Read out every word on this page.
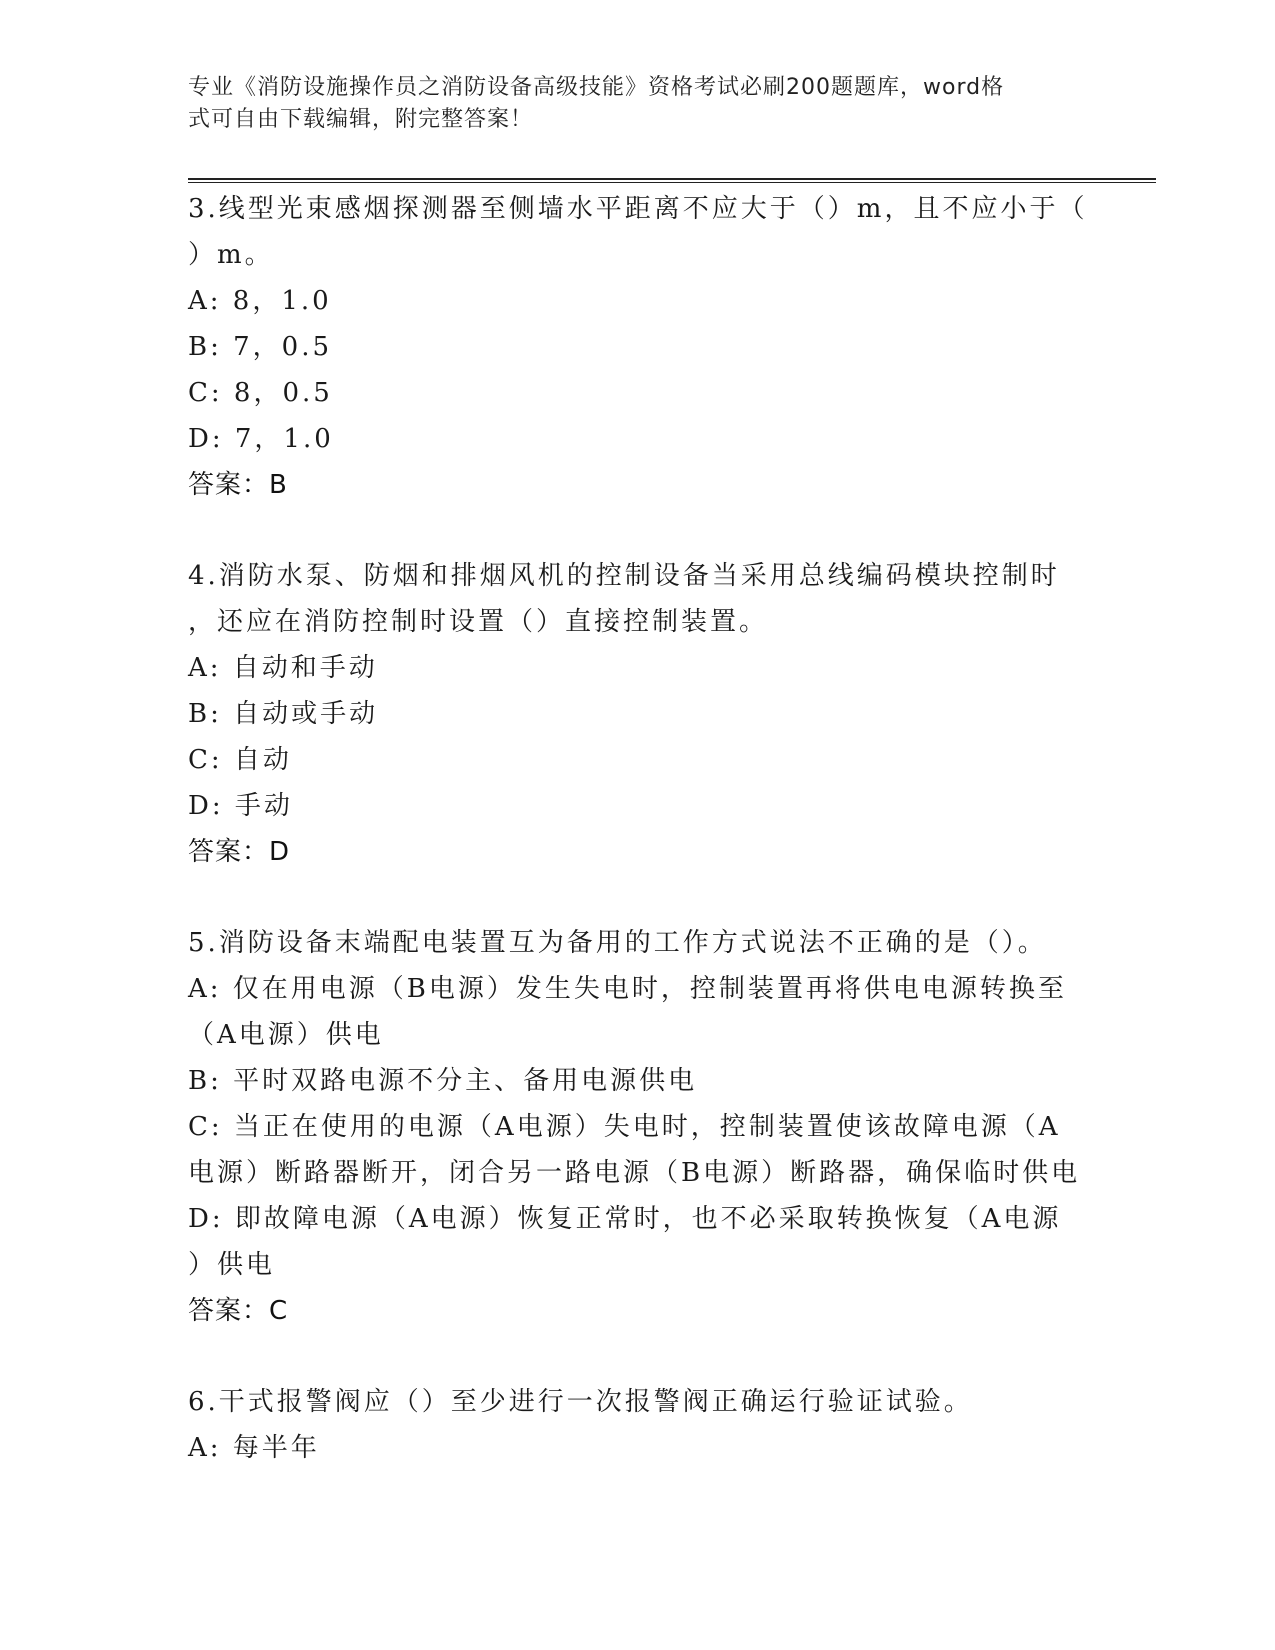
专业《消防设施操作员之消防设备高级技能》资格考试必刷200题题库，word格
式可自由下载编辑，附完整答案！
3.线型光束感烟探测器至侧墙水平距离不应大于（）m，且不应小于（
）m。
A: 8，1.0
B: 7，0.5
C: 8，0.5
D: 7，1.0
答案：B
4.消防水泵、防烟和排烟风机的控制设备当采用总线编码模块控制时
，还应在消防控制时设置（）直接控制装置。
A: 自动和手动
B: 自动或手动
C: 自动
D: 手动
答案：D
5.消防设备末端配电装置互为备用的工作方式说法不正确的是（）。
A: 仅在用电源（B电源）发生失电时，控制装置再将供电电源转换至
（A电源）供电
B: 平时双路电源不分主、备用电源供电
C: 当正在使用的电源（A电源）失电时，控制装置使该故障电源（A
电源）断路器断开，闭合另一路电源（B电源）断路器，确保临时供电
D: 即故障电源（A电源）恢复正常时，也不必采取转换恢复（A电源
）供电
答案：C
6.干式报警阀应（）至少进行一次报警阀正确运行验证试验。
A: 每半年
